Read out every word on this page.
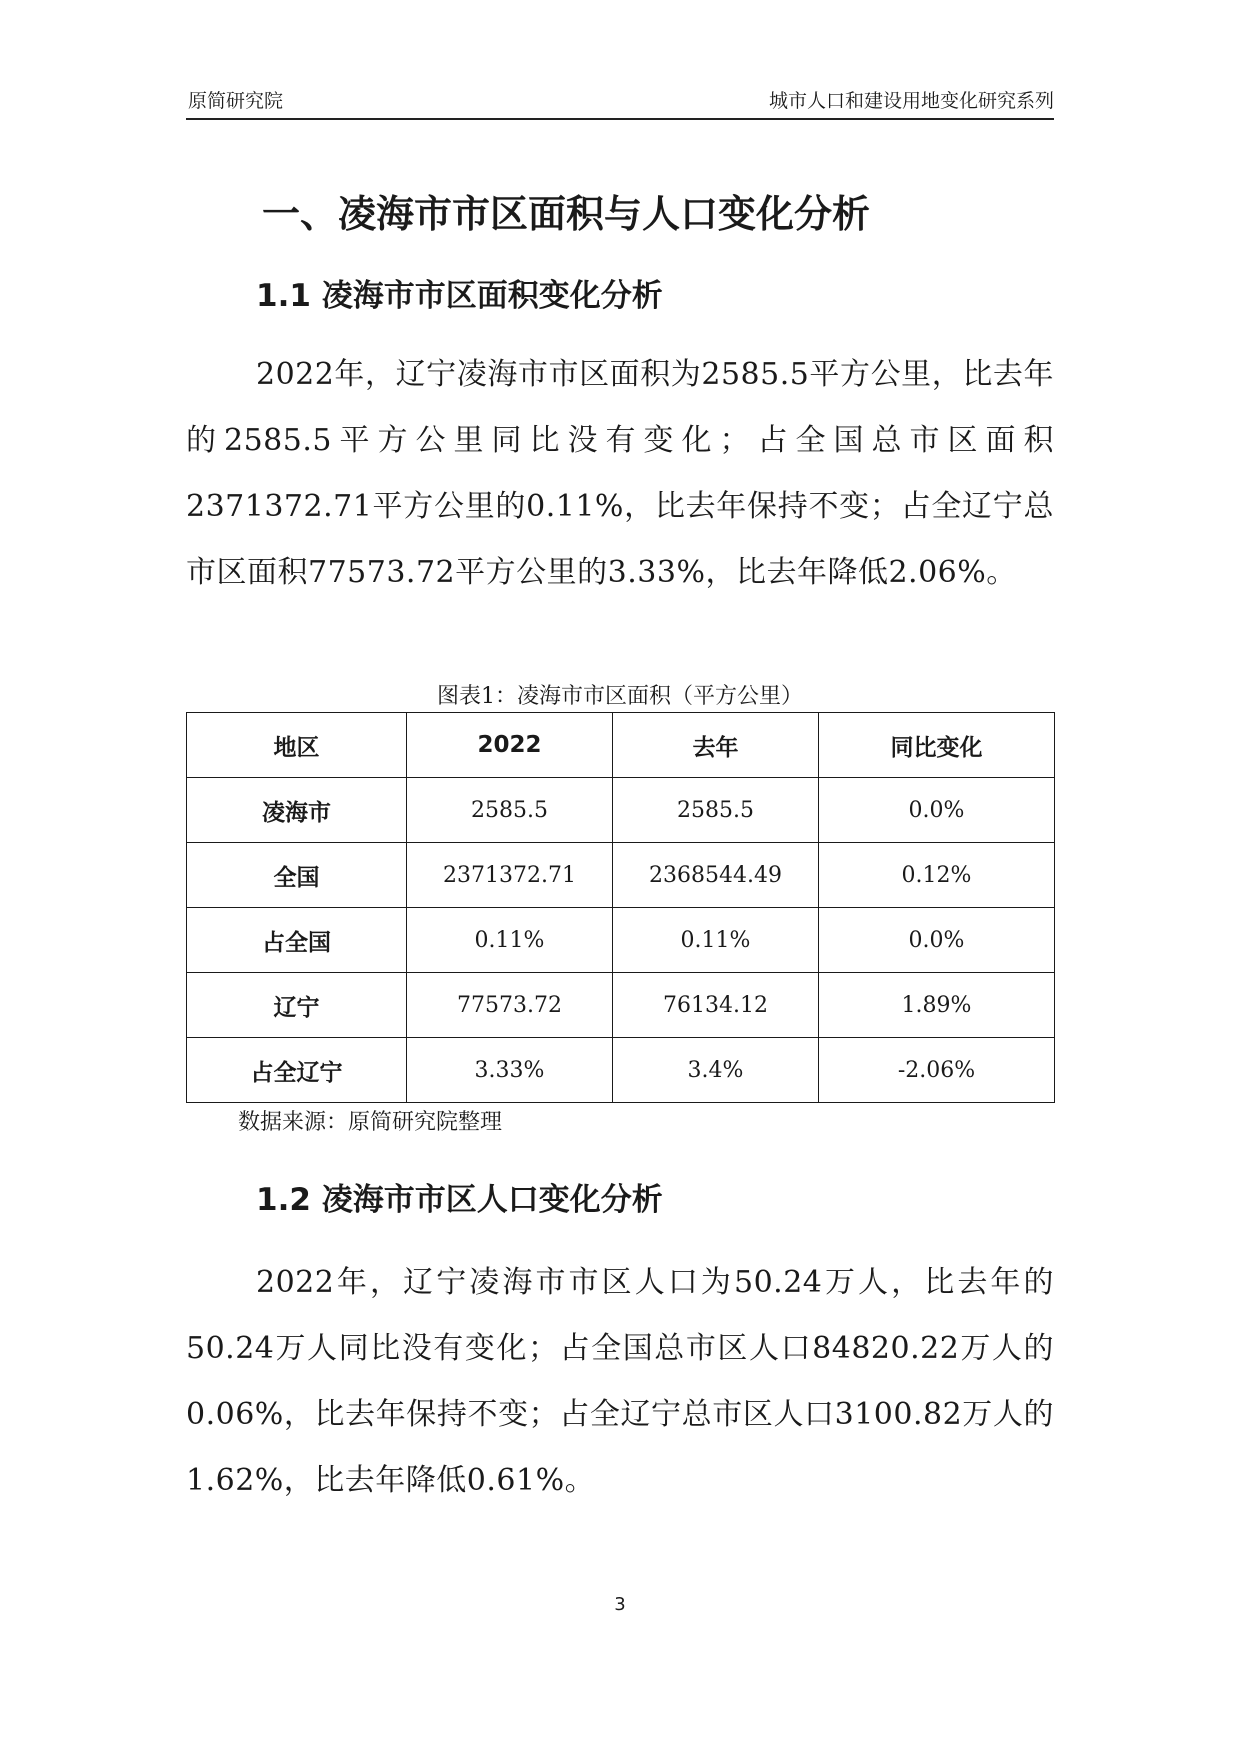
原简研究院	城市人口和建设用地变化研究系列
一、凌海市市区面积与人口变化分析
1.1 凌海市市区面积变化分析

2022年，辽宁凌海市市区面积为2585.5平方公里，比去年的2585.5平方公里同比没有变化；占全国总市区面积2371372.71平方公里的0.11%，比去年保持不变；占全辽宁总市区面积77573.72平方公里的3.33%，比去年降低2.06%。

图表1：凌海市市区面积（平方公里）
地区	2022	去年	同比变化
凌海市	2585.5	2585.5	0.0%
全国	2371372.71	2368544.49	0.12%
占全国	0.11%	0.11%	0.0%
辽宁	77573.72	76134.12	1.89%
占全辽宁	3.33%	3.4%	-2.06%
数据来源：原简研究院整理
1.2 凌海市市区人口变化分析

2022年，辽宁凌海市市区人口为50.24万人，比去年的50.24万人同比没有变化；占全国总市区人口84820.22万人的0.06%，比去年保持不变；占全辽宁总市区人口3100.82万人的1.62%，比去年降低0.61%。

3
